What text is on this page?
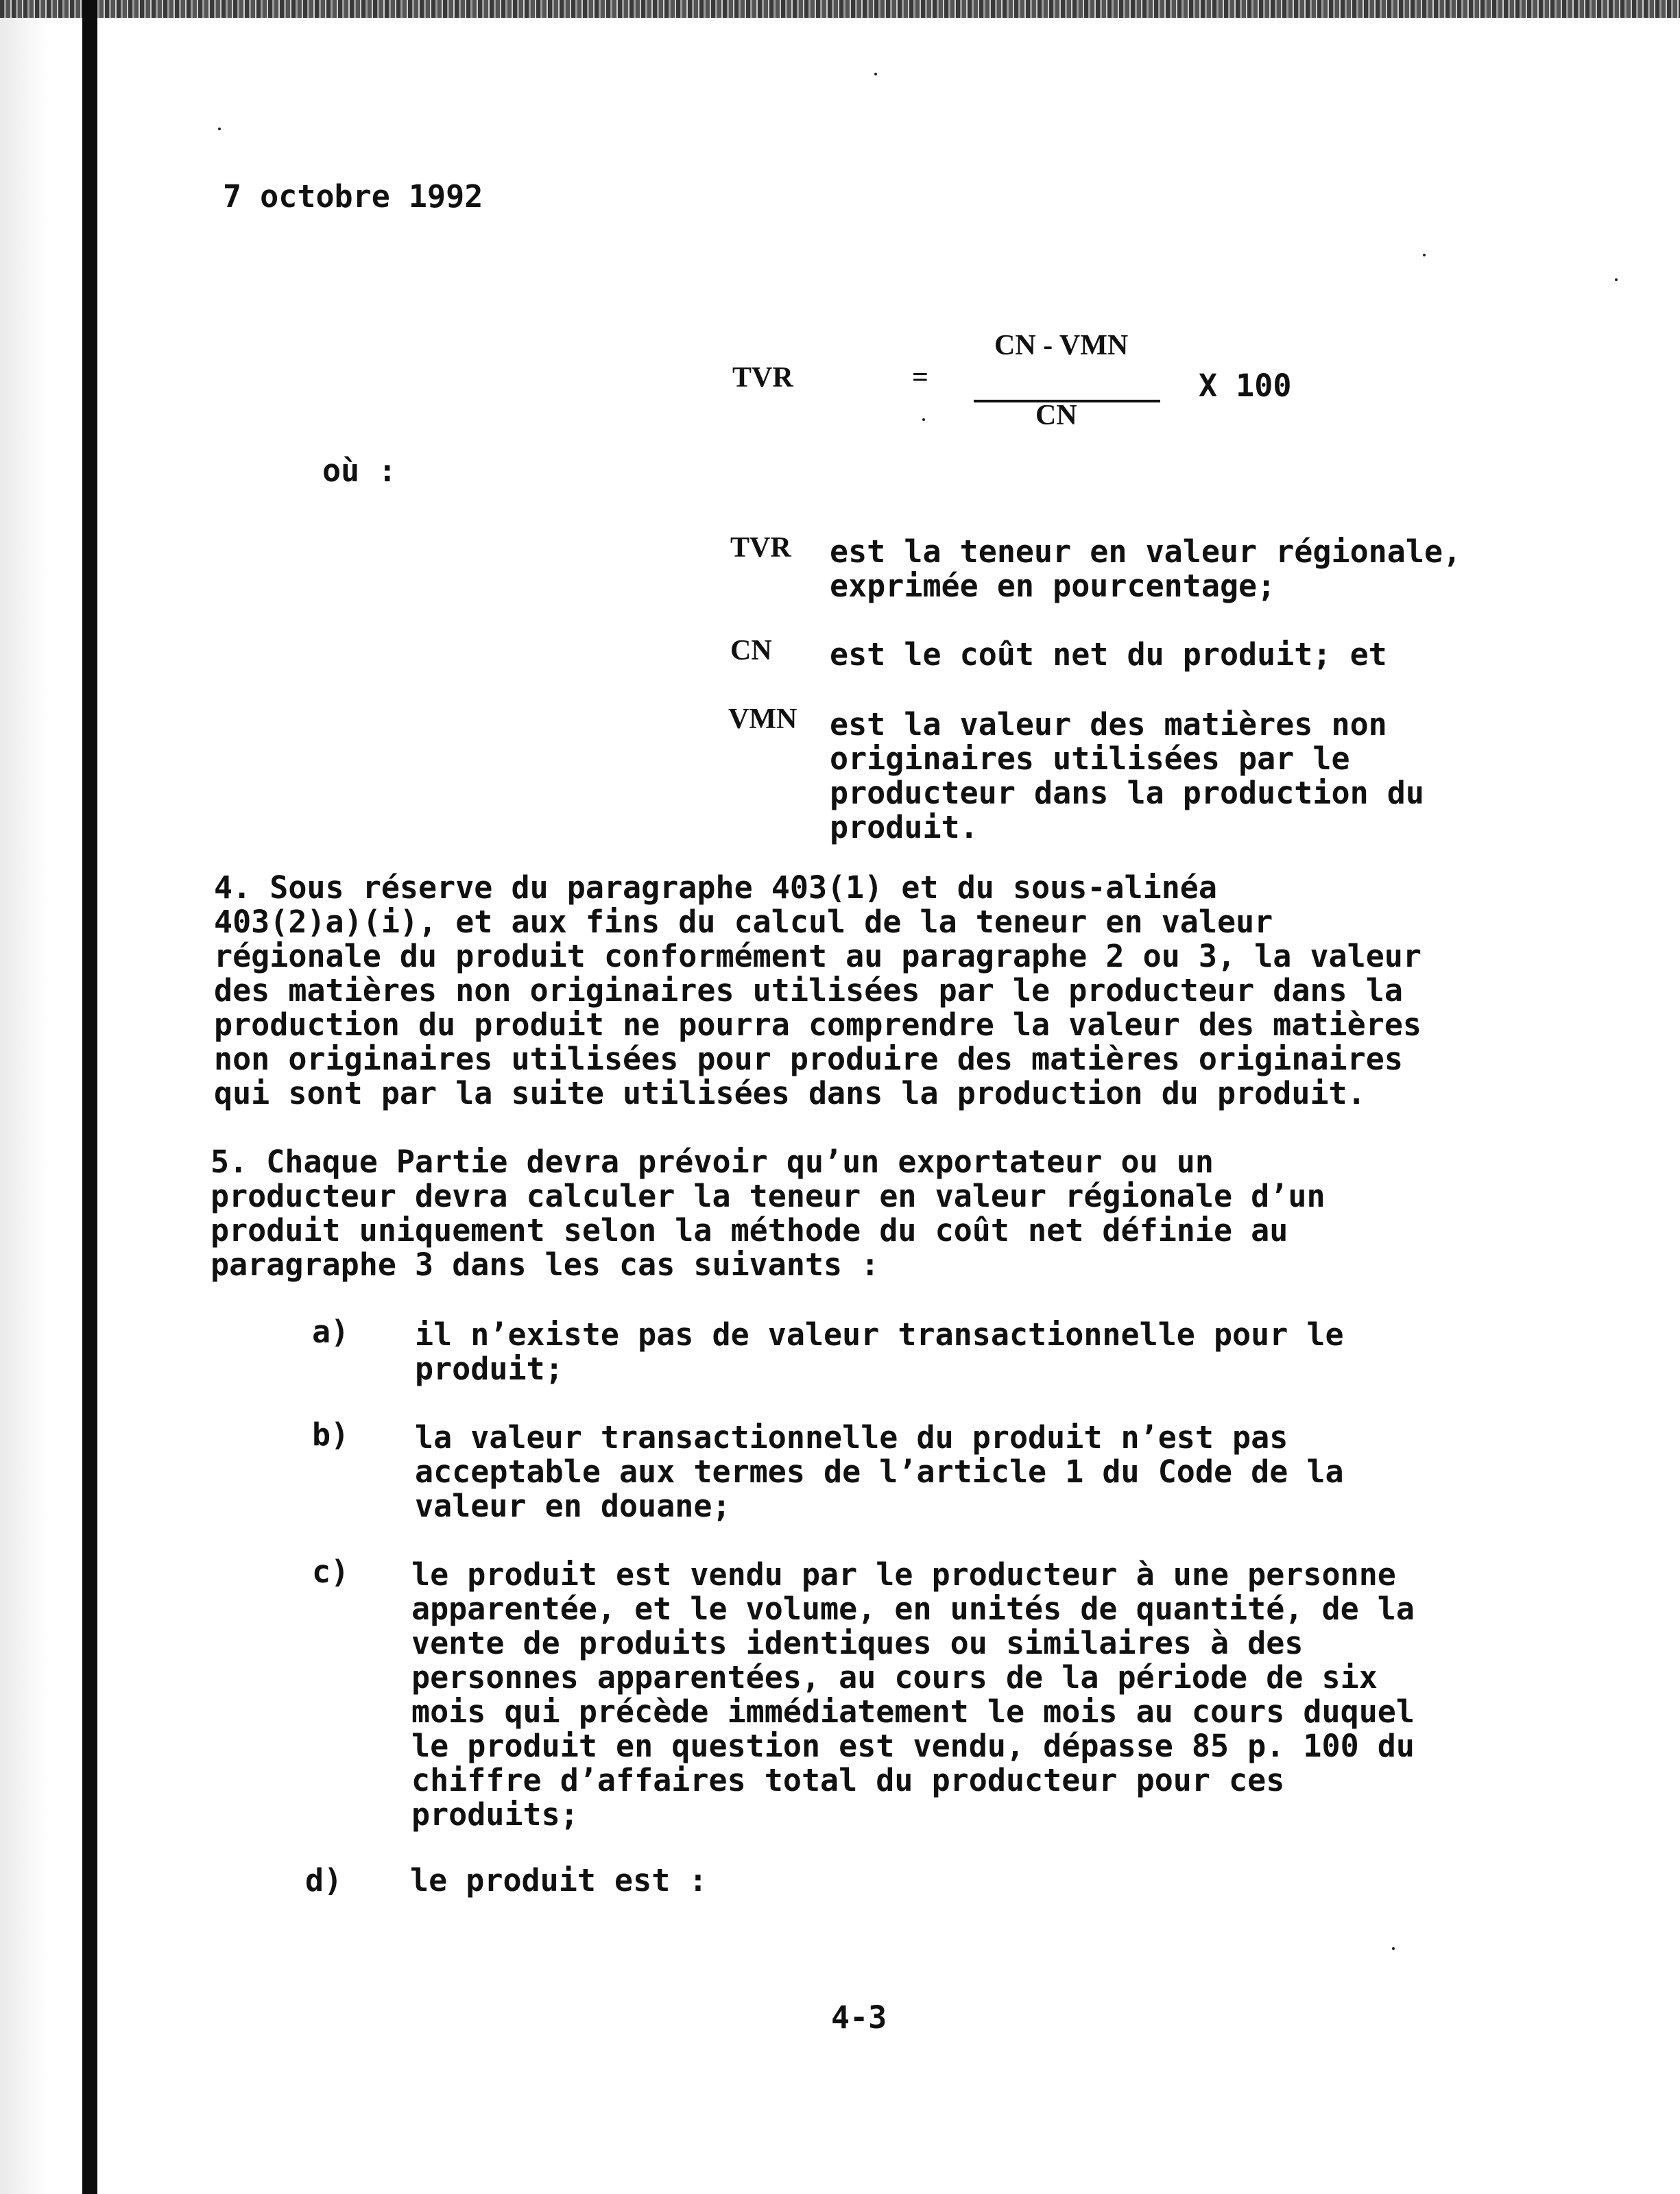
7 octobre 1992
TVR	=
CN - VMN
CN
X 100
où :
TVR est la teneur en valeur régionale,

exprimée en pourcentage;

CN est le coût net du produit; et

VMN est la valeur des matières non

originaires utilisées par le

producteur dans la production du

produit.

4. Sous réserve du paragraphe 403(1) et du sous-alinéa

403(2)a)(i), et aux fins du calcul de la teneur en valeur

régionale du produit conformément au paragraphe 2 ou 3, la valeur

des matières non originaires utilisées par le producteur dans la

production du produit ne pourra comprendre la valeur des matières

non originaires utilisées pour produire des matières originaires

qui sont par la suite utilisées dans la production du produit.

5. Chaque Partie devra prévoir qu’un exportateur ou un

producteur devra calculer la teneur en valeur régionale d’un

produit uniquement selon la méthode du coût net définie au

paragraphe 3 dans les cas suivants :

a) il n’existe pas de valeur transactionnelle pour le

produit;

b) la valeur transactionnelle du produit n’est pas

acceptable aux termes de l’article 1 du Code de la

valeur en douane;

c) le produit est vendu par le producteur à une personne

apparentée, et le volume, en unités de quantité, de la

vente de produits identiques ou similaires à des

personnes apparentées, au cours de la période de six

mois qui précède immédiatement le mois au cours duquel

le produit en question est vendu, dépasse 85 p. 100 du

chiffre d’affaires total du producteur pour ces

produits;

d) le produit est :

4-3
